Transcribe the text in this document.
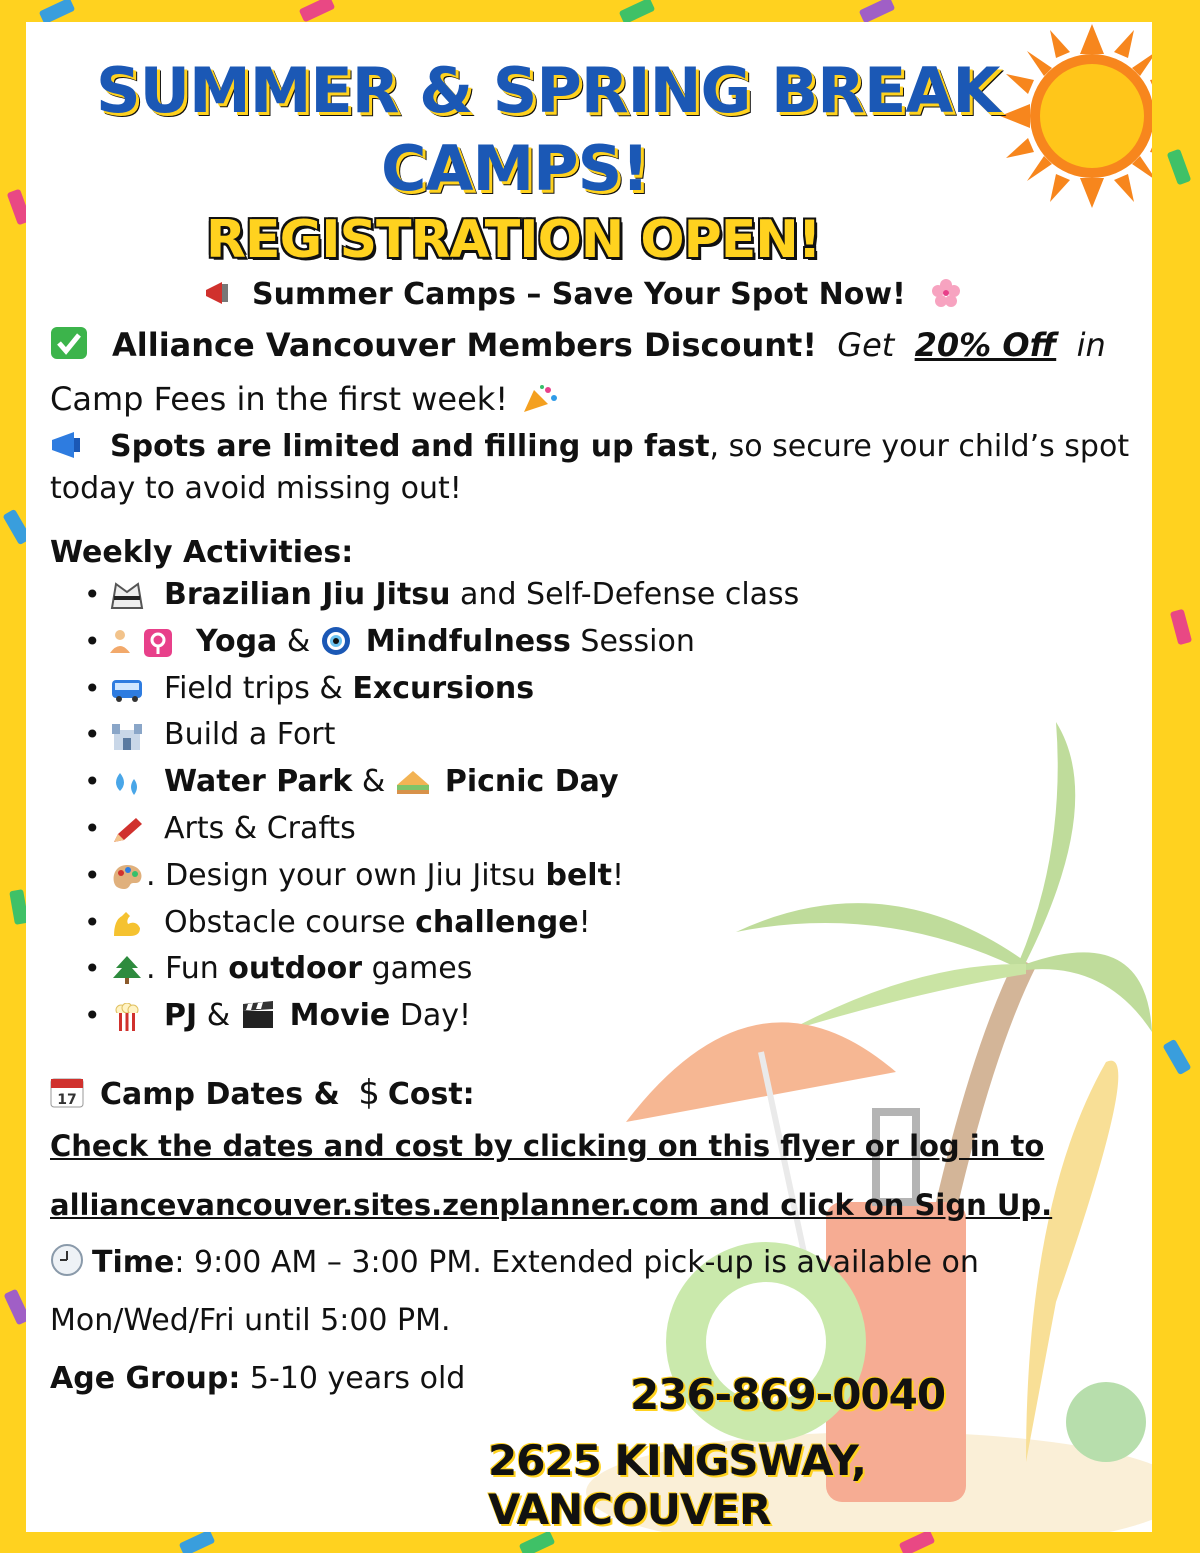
SUMMER & SPRING BREAK
CAMPS!
REGISTRATION OPEN!
Summer Camps – Save Your Spot Now!
Alliance Vancouver Members Discount! Get 20% Off in
Camp Fees in the first week!
Spots are limited and filling up fast, so secure your child’s spot
today to avoid missing out!
Weekly Activities:
• Brazilian Jiu Jitsu and Self-Defense class
• Yoga & Mindfulness Session
• Field trips & Excursions
• Build a Fort
• Water Park & Picnic Day
• Arts & Crafts
• . Design your own Jiu Jitsu belt!
• Obstacle course challenge!
• . Fun outdoor games
• PJ & Movie Day!
17 Camp Dates & $ Cost:
Check the dates and cost by clicking on this flyer or log in to
alliancevancouver.sites.zenplanner.com and click on Sign Up.
Time: 9:00 AM – 3:00 PM. Extended pick-up is available on
Mon/Wed/Fri until 5:00 PM.
Age Group: 5-10 years old	236-869-0040
2625 KINGSWAY, VANCOUVER
